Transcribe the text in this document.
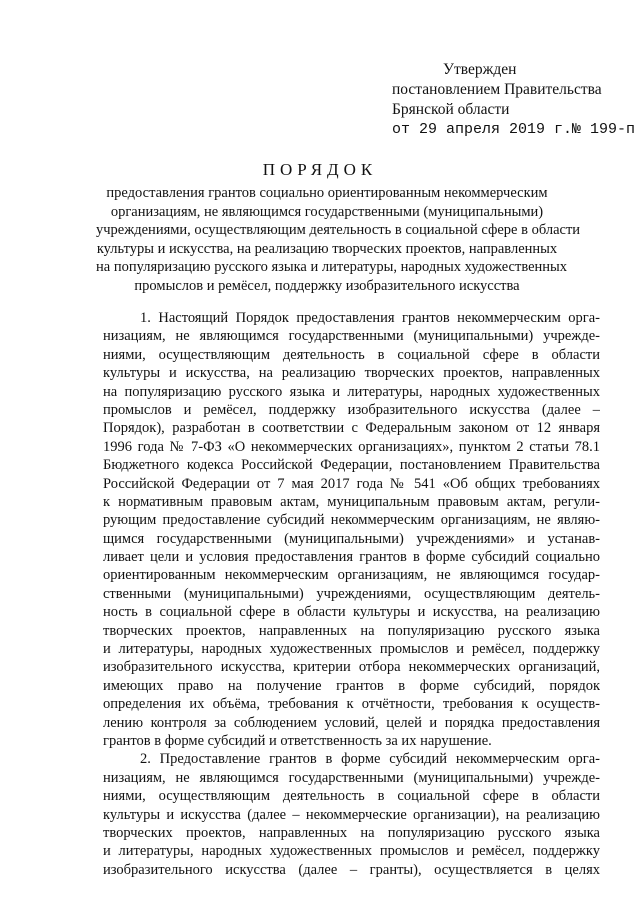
Утвержден
постановлением Правительства
Брянской области
от 29 апреля 2019 г.№ 199-п
ПОРЯДОК
предоставления грантов социально ориентированным некоммерческим
организациям, не являющимся государственными (муниципальными)
учреждениями, осуществляющим деятельность в социальной сфере в области
культуры и искусства, на реализацию творческих проектов, направленных
на популяризацию русского языка и литературы, народных художественных
промыслов и ремёсел, поддержку изобразительного искусства
1. Настоящий Порядок предоставления грантов некоммерческим орга-
низациям, не являющимся государственными (муниципальными) учрежде-
ниями, осуществляющим деятельность в социальной сфере в области
культуры и искусства, на реализацию творческих проектов, направленных
на популяризацию русского языка и литературы, народных художественных
промыслов и ремёсел, поддержку изобразительного искусства (далее –
Порядок), разработан в соответствии с Федеральным законом от 12 января
1996 года № 7-ФЗ «О некоммерческих организациях», пунктом 2 статьи 78.1
Бюджетного кодекса Российской Федерации, постановлением Правительства
Российской Федерации от 7 мая 2017 года № 541 «Об общих требованиях
к нормативным правовым актам, муниципальным правовым актам, регули-
рующим предоставление субсидий некоммерческим организациям, не являю-
щимся государственными (муниципальными) учреждениями» и устанав-
ливает цели и условия предоставления грантов в форме субсидий социально
ориентированным некоммерческим организациям, не являющимся государ-
ственными (муниципальными) учреждениями, осуществляющим деятель-
ность в социальной сфере в области культуры и искусства, на реализацию
творческих проектов, направленных на популяризацию русского языка
и литературы, народных художественных промыслов и ремёсел, поддержку
изобразительного искусства, критерии отбора некоммерческих организаций,
имеющих право на получение грантов в форме субсидий, порядок
определения их объёма, требования к отчётности, требования к осуществ-
лению контроля за соблюдением условий, целей и порядка предоставления
грантов в форме субсидий и ответственность за их нарушение.
2. Предоставление грантов в форме субсидий некоммерческим орга-
низациям, не являющимся государственными (муниципальными) учрежде-
ниями, осуществляющим деятельность в социальной сфере в области
культуры и искусства (далее – некоммерческие организации), на реализацию
творческих проектов, направленных на популяризацию русского языка
и литературы, народных художественных промыслов и ремёсел, поддержку
изобразительного искусства (далее – гранты), осуществляется в целях
